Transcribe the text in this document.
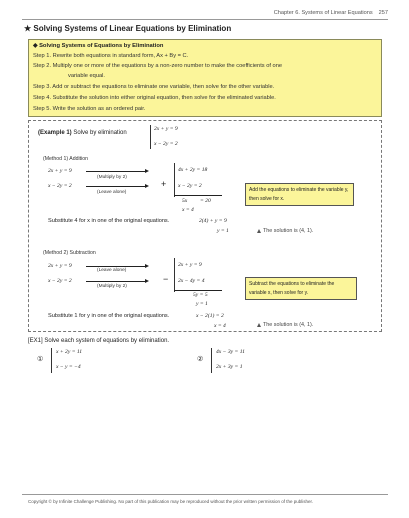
Chapter 6. Systems of Linear Equations 257
★ Solving Systems of Linear Equations by Elimination
◆ Solving Systems of Equations by Elimination
Step 1. Rewrite both equations in standard form, Ax + By = C.
Step 2. Multiply one or more of the equations by a non-zero number to make the coefficients of one
variable equal.
Step 3. Add or subtract the equations to eliminate one variable, then solve for the other variable.
Step 4. Substitute the solution into either original equation, then solve for the eliminated variable.
Step 5. Write the solution as an ordered pair.
(Example 1) Solve by elimination
2x + y = 9
x − 2y = 2
(Method 1) Addition
2x + y = 9
x − 2y = 2
(Multiply by 2)
(Leave alone)
+
4x + 2y = 18
x − 2y = 2
5x = 20
x = 4
Add the equations to eliminate the variable y, then solve for x.
Substitute 4 for x in one of the original equations.	2(4) + y = 9
y = 1	The solution is (4, 1).
(Method 2) Subtraction
2x + y = 9
x − 2y = 2
(Leave alone)
(Multiply by 2)
−
2x + y = 9
2x − 4y = 4
5y = 5
y = 1
Subtract the equations to eliminate the variable x, then solve for y.
Substitute 1 for y in one of the original equations.	x − 2(1) = 2
x = 4	The solution is (4, 1).
[EX1] Solve each system of equations by elimination.
①
x + 2y = 11
x − y = −4
②
4x − 3y = 11
2x + 3y = 1
Copyright © by Infinite Challenge Publishing. No part of this publication may be reproduced without the prior written permission of the publisher.
